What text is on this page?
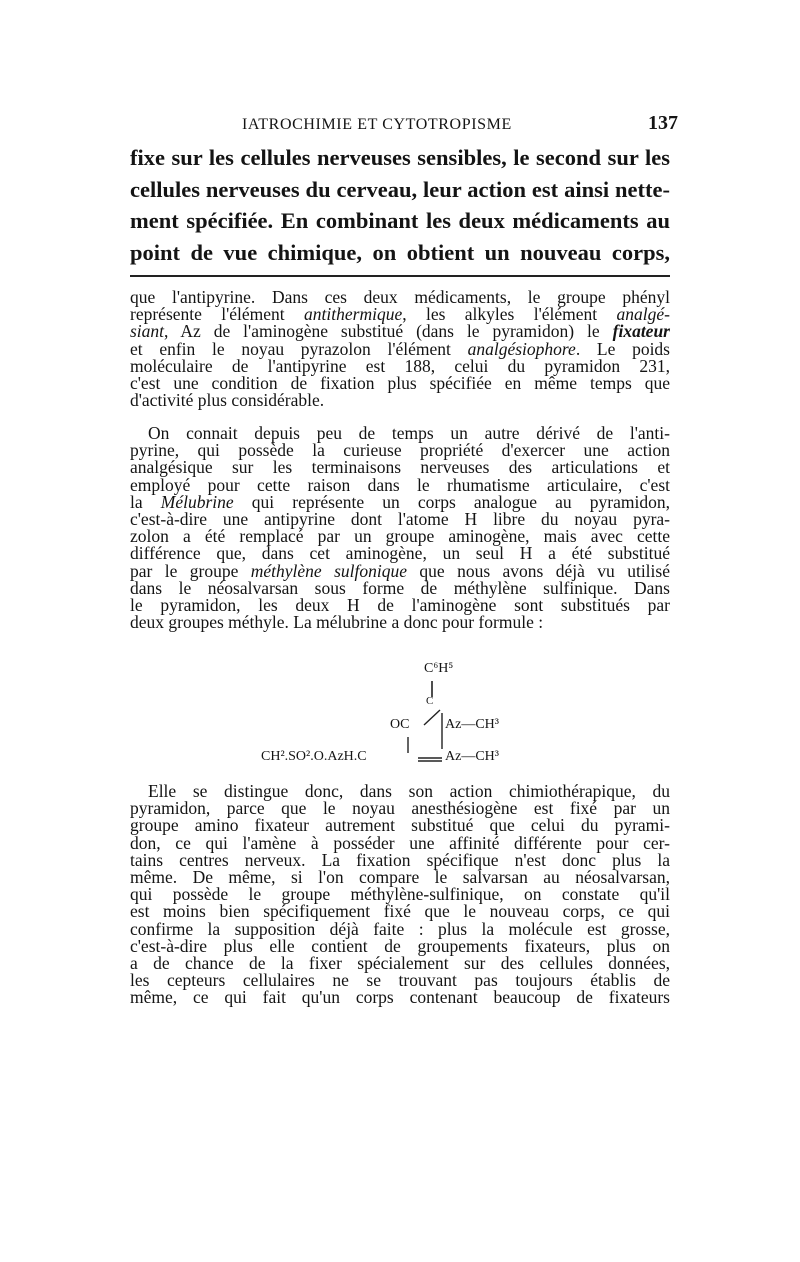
IATROCHIMIE ET CYTOTROPISME	137
fixe sur les cellules nerveuses sensibles, le second sur les
cellules nerveuses du cerveau, leur action est ainsi nette-
ment spécifiée. En combinant les deux médicaments au
point de vue chimique, on obtient un nouveau corps,
que l'antipyrine. Dans ces deux médicaments, le groupe phényl
représente l'élément antithermique, les alkyles l'élément analgé-
siant, Az de l'aminogène substitué (dans le pyramidon) le fixateur
et enfin le noyau pyrazolon l'élément analgésiophore. Le poids
moléculaire de l'antipyrine est 188, celui du pyramidon 231,
c'est une condition de fixation plus spécifiée en même temps que
d'activité plus considérable.
On connait depuis peu de temps un autre dérivé de l'anti-
pyrine, qui possède la curieuse propriété d'exercer une action
analgésique sur les terminaisons nerveuses des articulations et
employé pour cette raison dans le rhumatisme articulaire, c'est
la Mélubrine qui représente un corps analogue au pyramidon,
c'est-à-dire une antipyrine dont l'atome H libre du noyau pyra-
zolon a été remplacé par un groupe aminogène, mais avec cette
différence que, dans cet aminogène, un seul H a été substitué
par le groupe méthylène sulfonique que nous avons déjà vu utilisé
dans le néosalvarsan sous forme de méthylène sulfinique. Dans
le pyramidon, les deux H de l'aminogène sont substitués par
deux groupes méthyle. La mélubrine a donc pour formule :
C⁶H⁵
C
OC	Az—CH³
CH².SO².O.AzH.C	Az—CH³
Elle se distingue donc, dans son action chimiothérapique, du
pyramidon, parce que le noyau anesthésiogène est fixé par un
groupe amino fixateur autrement substitué que celui du pyrami-
don, ce qui l'amène à posséder une affinité différente pour cer-
tains centres nerveux. La fixation spécifique n'est donc plus la
même. De même, si l'on compare le salvarsan au néosalvarsan,
qui possède le groupe méthylène-sulfinique, on constate qu'il
est moins bien spécifiquement fixé que le nouveau corps, ce qui
confirme la supposition déjà faite : plus la molécule est grosse,
c'est-à-dire plus elle contient de groupements fixateurs, plus on
a de chance de la fixer spécialement sur des cellules données,
les cepteurs cellulaires ne se trouvant pas toujours établis de
même, ce qui fait qu'un corps contenant beaucoup de fixateurs
